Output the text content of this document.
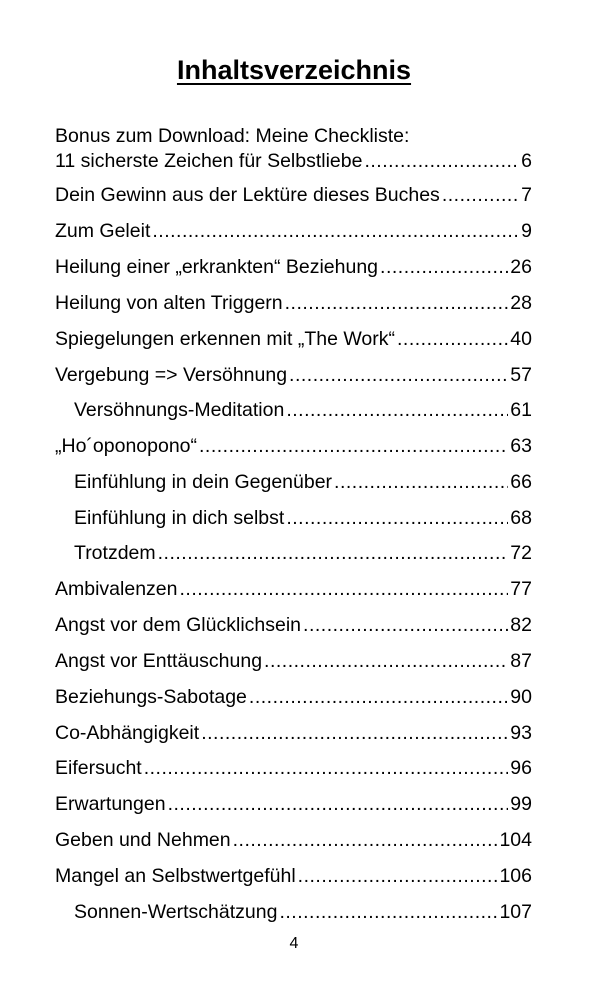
Inhaltsverzeichnis
Bonus zum Download: Meine Checkliste:
11 sicherste Zeichen für Selbstliebe .....	6
Dein Gewinn aus der Lektüre dieses Buches .....	7
Zum Geleit .....	9
Heilung einer „erkrankten“ Beziehung .....	26
Heilung von alten Triggern .....	28
Spiegelungen erkennen mit „The Work“ .....	40
Vergebung => Versöhnung .....	57
Versöhnungs-Meditation .....	61
„Ho´oponopono“ .....	63
Einfühlung in dein Gegenüber .....	66
Einfühlung in dich selbst .....	68
Trotzdem .....	72
Ambivalenzen .....	77
Angst vor dem Glücklichsein .....	82
Angst vor Enttäuschung .....	87
Beziehungs-Sabotage .....	90
Co-Abhängigkeit .....	93
Eifersucht .....	96
Erwartungen .....	99
Geben und Nehmen .....	104
Mangel an Selbstwertgefühl .....	106
Sonnen-Wertschätzung .....	107
4
